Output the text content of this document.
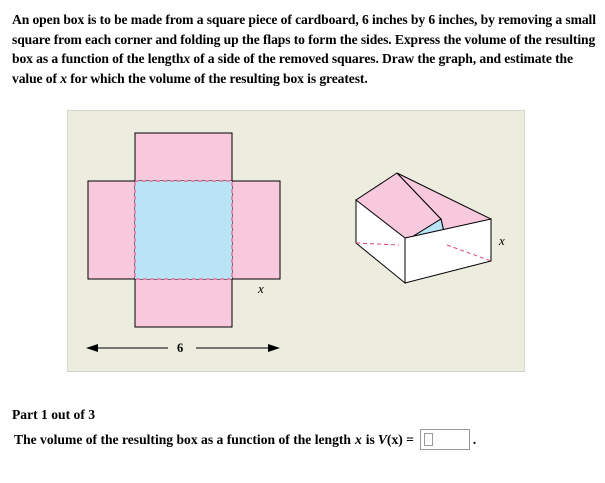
An open box is to be made from a square piece of cardboard, 6 inches by 6 inches, by removing a small square from each corner and folding up the flaps to form the sides. Express the volume of the resulting box as a function of the lengthx of a side of the removed squares. Draw the graph, and estimate the value of x for which the volume of the resulting box is greatest.
x
6
x
Part 1 out of 3
The volume of the resulting box as a function of the length x is V (x) =	.
